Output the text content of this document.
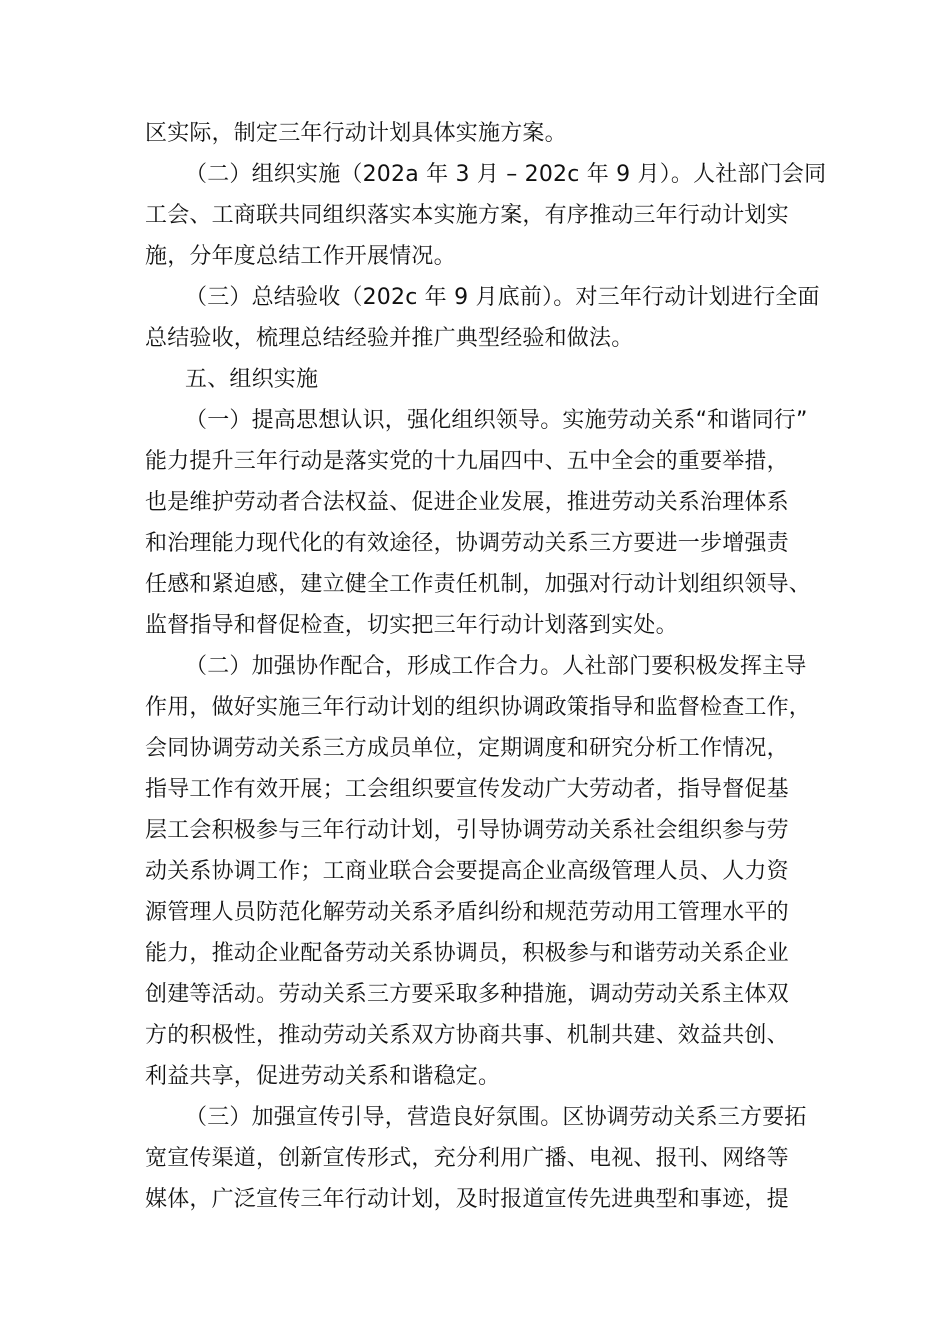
区实际，制定三年行动计划具体实施方案。
（二）组织实施（202a 年 3 月 – 202c 年 9 月）。人社部门会同
工会、工商联共同组织落实本实施方案，有序推动三年行动计划实
施，分年度总结工作开展情况。
（三）总结验收（202c 年 9 月底前）。对三年行动计划进行全面
总结验收，梳理总结经验并推广典型经验和做法。
五、组织实施
（一）提高思想认识，强化组织领导。实施劳动关系“和谐同行”
能力提升三年行动是落实党的十九届四中、五中全会的重要举措，
也是维护劳动者合法权益、促进企业发展，推进劳动关系治理体系
和治理能力现代化的有效途径，协调劳动关系三方要进一步增强责
任感和紧迫感，建立健全工作责任机制，加强对行动计划组织领导、
监督指导和督促检查，切实把三年行动计划落到实处。
（二）加强协作配合，形成工作合力。人社部门要积极发挥主导
作用，做好实施三年行动计划的组织协调政策指导和监督检查工作，
会同协调劳动关系三方成员单位，定期调度和研究分析工作情况，
指导工作有效开展；工会组织要宣传发动广大劳动者，指导督促基
层工会积极参与三年行动计划，引导协调劳动关系社会组织参与劳
动关系协调工作；工商业联合会要提高企业高级管理人员、人力资
源管理人员防范化解劳动关系矛盾纠纷和规范劳动用工管理水平的
能力，推动企业配备劳动关系协调员，积极参与和谐劳动关系企业
创建等活动。劳动关系三方要采取多种措施，调动劳动关系主体双
方的积极性，推动劳动关系双方协商共事、机制共建、效益共创、
利益共享，促进劳动关系和谐稳定。
（三）加强宣传引导，营造良好氛围。区协调劳动关系三方要拓
宽宣传渠道，创新宣传形式，充分利用广播、电视、报刊、网络等
媒体，广泛宣传三年行动计划，及时报道宣传先进典型和事迹，提
